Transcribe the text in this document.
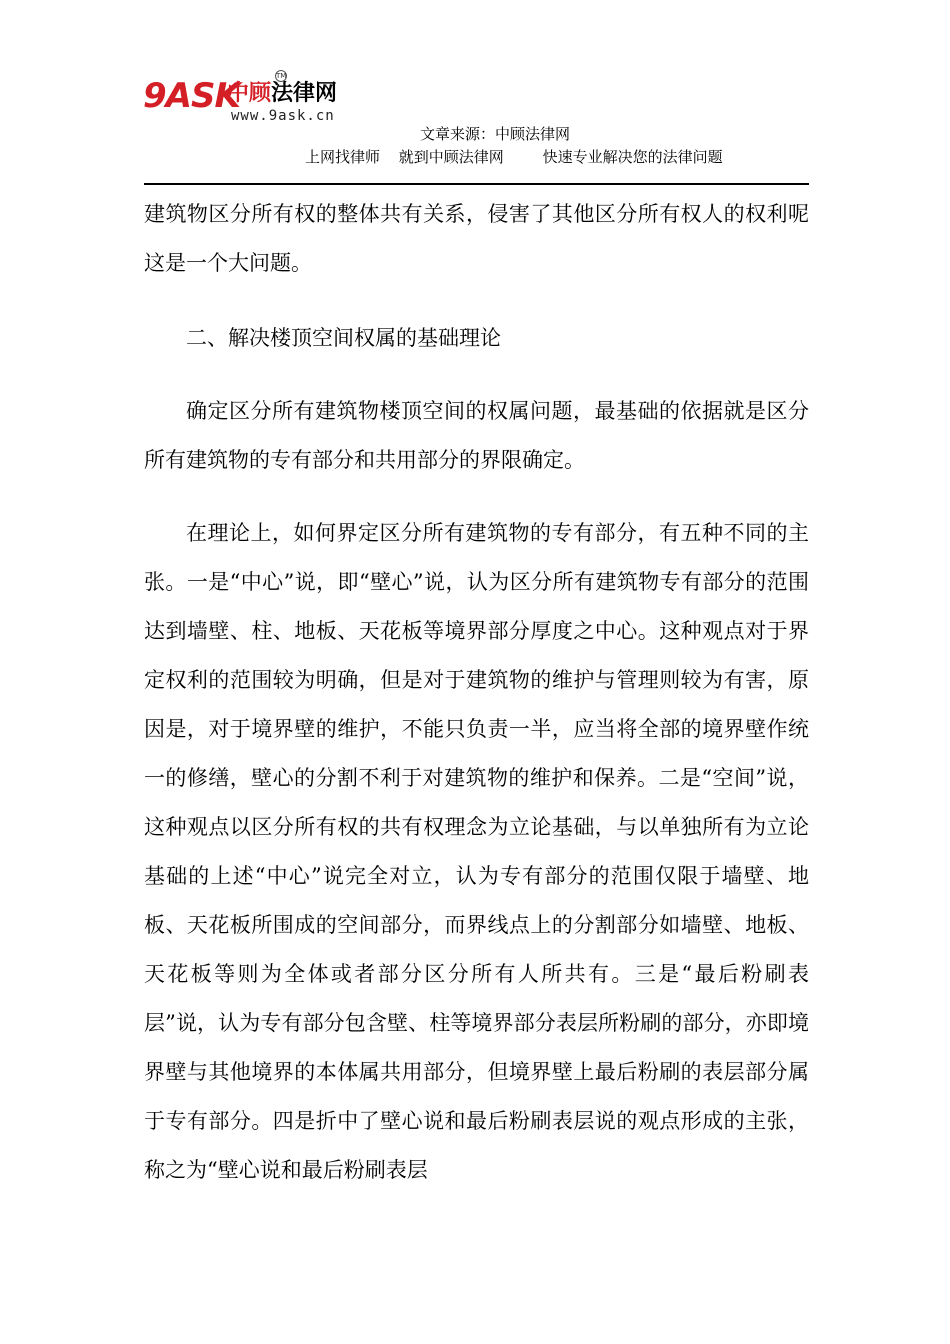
9ASK
中顾法律网
TM
www.9ask.cn
文章来源：中顾法律网
上网找律师 就到中顾法律网	快速专业解决您的法律问题

建筑物区分所有权的整体共有关系，侵害了其他区分所有权人的权利呢 这是一个大问题。

二、解决楼顶空间权属的基础理论

确定区分所有建筑物楼顶空间的权属问题，最基础的依据就是区分所有建筑物的专有部分和共用部分的界限确定。

在理论上，如何界定区分所有建筑物的专有部分，有五种不同的主张。一是“中心”说，即“壁心”说，认为区分所有建筑物专有部分的范围达到墙壁、柱、地板、天花板等境界部分厚度之中心。这种观点对于界定权利的范围较为明确，但是对于建筑物的维护与管理则较为有害，原因是，对于境界壁的维护，不能只负责一半，应当将全部的境界壁作统一的修缮，壁心的分割不利于对建筑物的维护和保养。二是“空间”说，这种观点以区分所有权的共有权理念为立论基础，与以单独所有为立论基础的上述“中心”说完全对立，认为专有部分的范围仅限于墙壁、地板、天花板所围成的空间部分，而界线点上的分割部分如墙壁、地板、天花板等则为全体或者部分区分所有人所共有。三是“最后粉刷表层”说，认为专有部分包含壁、柱等境界部分表层所粉刷的部分，亦即境界壁与其他境界的本体属共用部分，但境界壁上最后粉刷的表层部分属于专有部分。四是折中了壁心说和最后粉刷表层说的观点形成的主张，称之为“壁心说和最后粉刷表层
